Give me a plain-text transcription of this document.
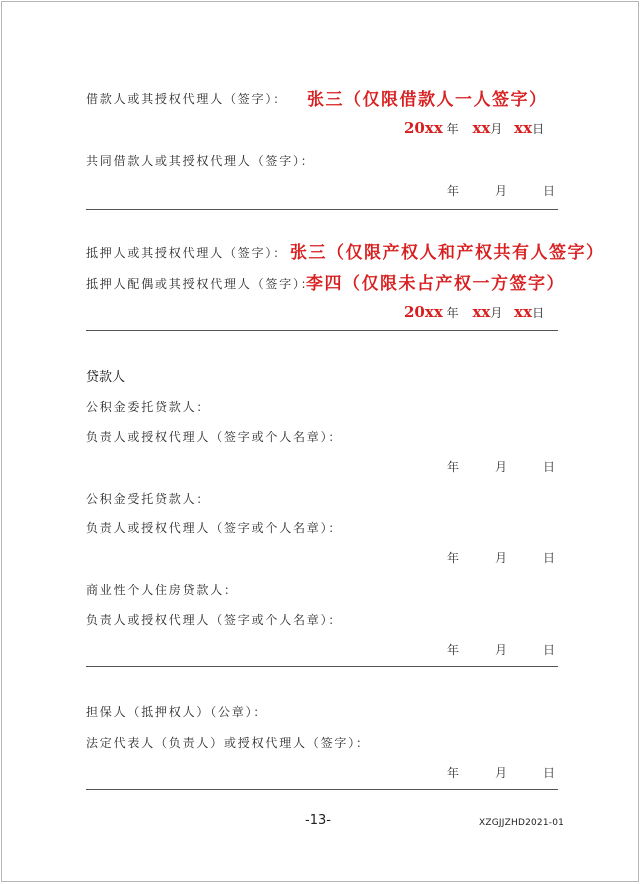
借款人或其授权代理人（签字）： 张三（仅限借款人一人签字）
20xx 年 xx月 xx日
共同借款人或其授权代理人（签字）：
年	月	日
抵押人或其授权代理人（签字）： 张三（仅限产权人和产权共有人签字）
抵押人配偶或其授权代理人（签字）：
李四（仅限未占产权一方签字）
20xx 年 xx月 xx日
贷款人
公积金委托贷款人：
负责人或授权代理人（签字或个人名章）：
年	月	日
公积金受托贷款人：
负责人或授权代理人（签字或个人名章）：
年	月	日
商业性个人住房贷款人：
负责人或授权代理人（签字或个人名章）：
年	月	日
担保人（抵押权人）（公章）：
法定代表人（负责人）或授权代理人（签字）：
年	月	日
-13-	XZGJJZHD2021-01
